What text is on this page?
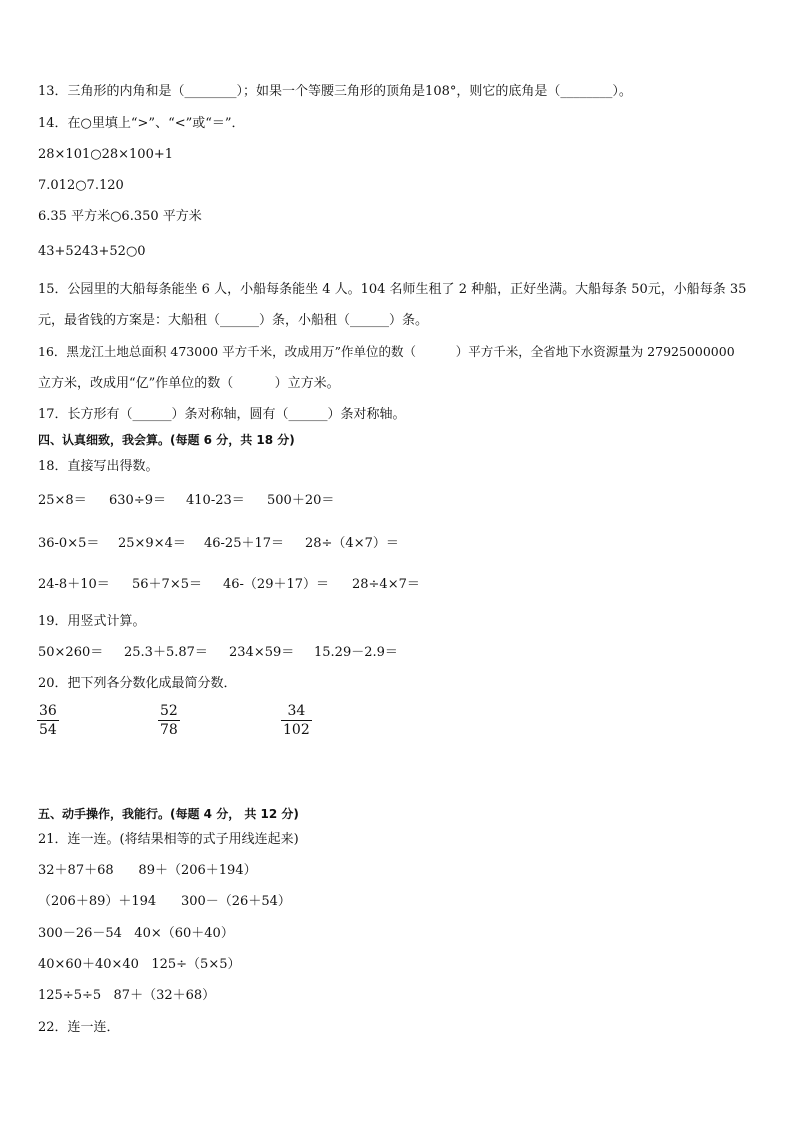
13．三角形的内角和是（________）；如果一个等腰三角形的顶角是108°，则它的底角是（________）。
14．在○里填上“>”、“<”或“＝”．
28×101○28×100+1
7.012○7.120
6.35 平方米○6.350 平方米
43+5243+52○0
15．公园里的大船每条能坐 6 人，小船每条能坐 4 人。104 名师生租了 2 种船，正好坐满。大船每条 50元，小船每条 35
元，最省钱的方案是：大船租（______）条，小船租（______）条。
16．黑龙江土地总面积 473000 平方千米，改成用万”作单位的数（          ）平方千米，全省地下水资源量为 27925000000
立方米，改成用“亿”作单位的数（          ）立方米。
17．长方形有（______）条对称轴，圆有（______）条对称轴。
四、认真细致，我会算。(每题 6 分，共 18 分)
18．直接写出得数。
25×8＝ 630÷9＝ 410-23＝ 500＋20＝
36-0×5＝ 25×9×4＝ 46-25＋17＝ 28÷（4×7）＝
24-8＋10＝ 56＋7×5＝ 46-（29＋17）＝ 28÷4×7＝
19．用竖式计算。
50×260＝ 25.3＋5.87＝ 234×59＝ 15.29－2.9＝
20．把下列各分数化成最简分数．
36
54
52
78
34
102
五、动手操作，我能行。(每题 4 分， 共 12 分)
21．连一连。(将结果相等的式子用线连起来)
32＋87＋68      89＋（206＋194）
（206＋89）＋194      300－（26＋54）
300－26－54   40×（60＋40）
40×60＋40×40   125÷（5×5）
125÷5÷5   87＋（32＋68）
22．连一连．
